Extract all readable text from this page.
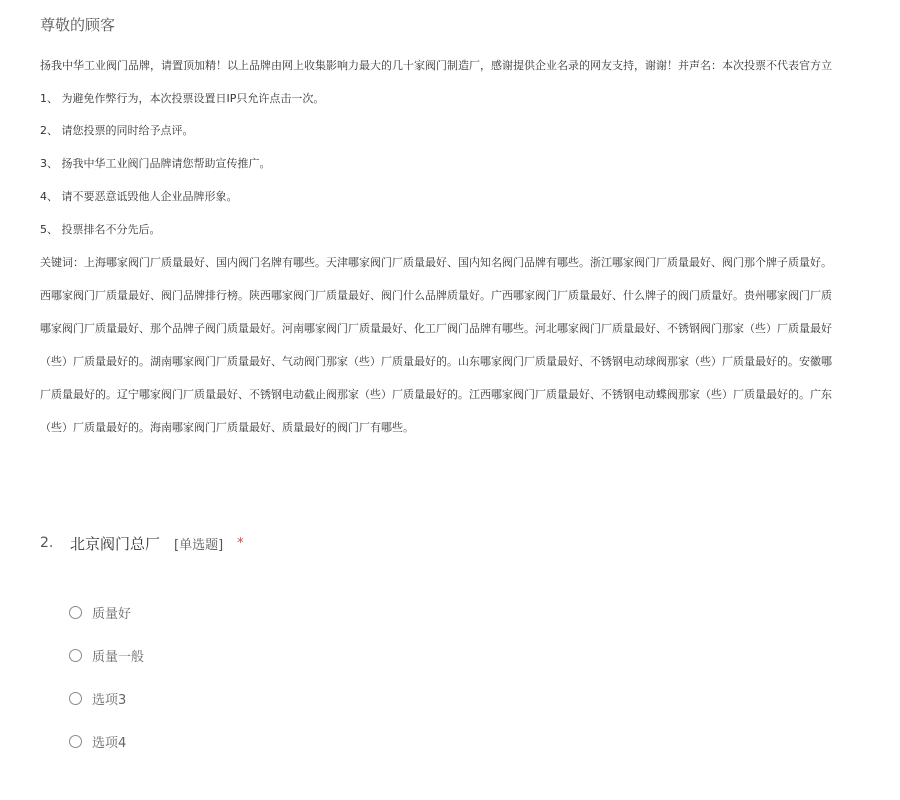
尊敬的顾客
扬我中华工业阀门品牌，请置顶加精！以上品牌由网上收集影响力最大的几十家阀门制造厂，感谢提供企业名录的网友支持，谢谢！并声名：本次投票不代表官方立
1、 为避免作弊行为，本次投票设置日IP只允许点击一次。
2、 请您投票的同时给予点评。
3、 扬我中华工业阀门品牌请您帮助宣传推广。
4、 请不要恶意诋毁他人企业品牌形象。
5、 投票排名不分先后。
关键词：上海哪家阀门厂质量最好、国内阀门名牌有哪些。天津哪家阀门厂质量最好、国内知名阀门品牌有哪些。浙江哪家阀门厂质量最好、阀门那个牌子质量好。
西哪家阀门厂质量最好、阀门品牌排行榜。陕西哪家阀门厂质量最好、阀门什么品牌质量好。广西哪家阀门厂质量最好、什么牌子的阀门质量好。贵州哪家阀门厂质
哪家阀门厂质量最好、那个品牌子阀门质量最好。河南哪家阀门厂质量最好、化工厂阀门品牌有哪些。河北哪家阀门厂质量最好、不锈钢阀门那家（些）厂质量最好
（些）厂质量最好的。湖南哪家阀门厂质量最好、气动阀门那家（些）厂质量最好的。山东哪家阀门厂质量最好、不锈钢电动球阀那家（些）厂质量最好的。安徽哪
厂质量最好的。辽宁哪家阀门厂质量最好、不锈钢电动截止阀那家（些）厂质量最好的。江西哪家阀门厂质量最好、不锈钢电动蝶阀那家（些）厂质量最好的。广东
（些）厂质量最好的。海南哪家阀门厂质量最好、质量最好的阀门厂有哪些。
2.	北京阀门总厂 [单选题] *
质量好
质量一般
选项3
选项4
